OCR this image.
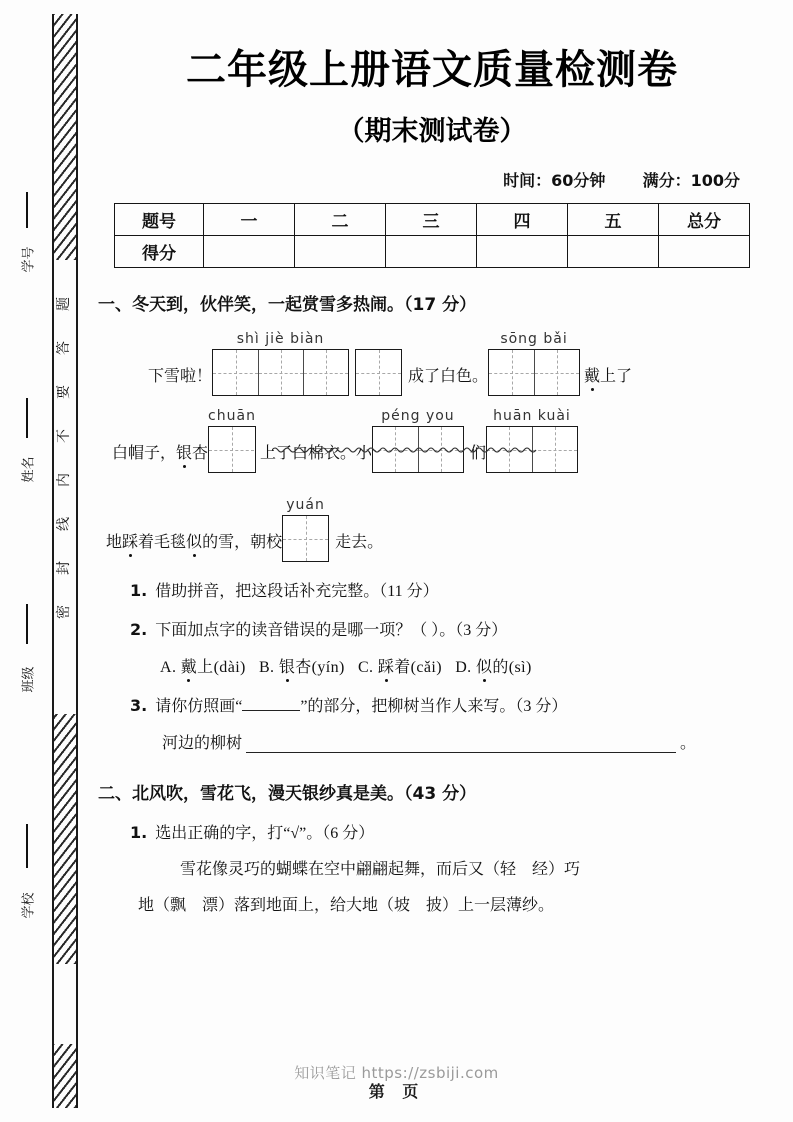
题
答
要
不
内
线
封
密
学号
姓名
班级
学校
二年级上册语文质量检测卷
（期末测试卷）
时间：60分钟 满分：100分
题号	一	二	三	四	五	总分
得分						
一、冬天到，伙伴笑，一起赏雪多热闹。（17 分）
下雪啦！
shì jiè biàn
成了白色。
sōng bǎi
戴上了
白帽子，银杏
chuān
上了白棉衣。小
péng you
们
huān kuài
地踩着毛毯似的雪，朝校
yuán
走去。
1. 借助拼音，把这段话补充完整。（11 分）
2. 下面加点字的读音错误的是哪一项？（ ）。（3 分）
A. 戴上(dài) B. 银杏(yín) C. 踩着(cǎi) D. 似的(sì)
3. 请你仿照画“	”的部分，把柳树当作人来写。（3 分）
河边的柳树	。
二、北风吹，雪花飞，漫天银纱真是美。（43 分）
1. 选出正确的字，打“√”。（6 分）
雪花像灵巧的蝴蝶在空中翩翩起舞，而后又（轻　经）巧
地（飘　漂）落到地面上，给大地（坡　披）上一层薄纱。
知识笔记 https://zsbiji.com
第 页
